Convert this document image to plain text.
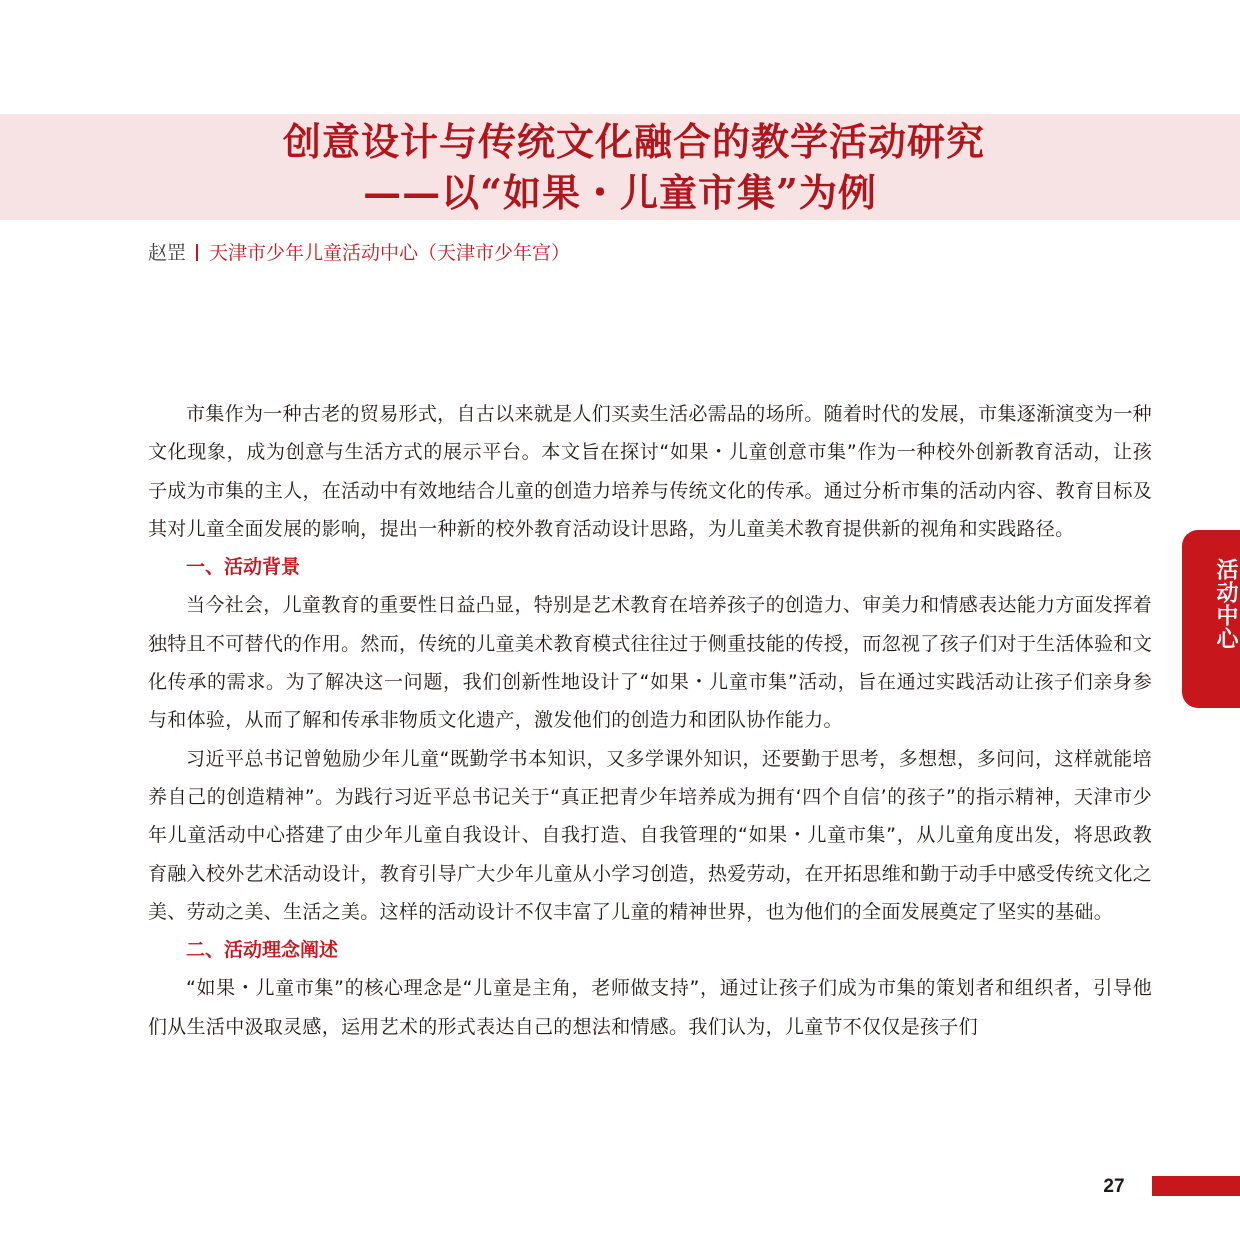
创意设计与传统文化融合的教学活动研究
——以“如果・儿童市集”为例
赵罡 天津市少年儿童活动中心（天津市少年宫）

市集作为一种古老的贸易形式，自古以来就是人们买卖生活必需品的场所。随着时代的发展，市集逐渐演变为一种文化现象，成为创意与生活方式的展示平台。本文旨在探讨“如果・儿童创意市集”作为一种校外创新教育活动，让孩子成为市集的主人，在活动中有效地结合儿童的创造力培养与传统文化的传承。通过分析市集的活动内容、教育目标及其对儿童全面发展的影响，提出一种新的校外教育活动设计思路，为儿童美术教育提供新的视角和实践路径。

一、活动背景

当今社会，儿童教育的重要性日益凸显，特别是艺术教育在培养孩子的创造力、审美力和情感表达能力方面发挥着独特且不可替代的作用。然而，传统的儿童美术教育模式往往过于侧重技能的传授，而忽视了孩子们对于生活体验和文化传承的需求。为了解决这一问题，我们创新性地设计了“如果・儿童市集”活动，旨在通过实践活动让孩子们亲身参与和体验，从而了解和传承非物质文化遗产，激发他们的创造力和团队协作能力。

习近平总书记曾勉励少年儿童“既勤学书本知识，又多学课外知识，还要勤于思考，多想想，多问问，这样就能培养自己的创造精神”。为践行习近平总书记关于“真正把青少年培养成为拥有‘四个自信’的孩子”的指示精神，天津市少年儿童活动中心搭建了由少年儿童自我设计、自我打造、自我管理的“如果・儿童市集”，从儿童角度出发，将思政教育融入校外艺术活动设计，教育引导广大少年儿童从小学习创造，热爱劳动，在开拓思维和勤于动手中感受传统文化之美、劳动之美、生活之美。这样的活动设计不仅丰富了儿童的精神世界，也为他们的全面发展奠定了坚实的基础。

二、活动理念阐述

“如果・儿童市集”的核心理念是“儿童是主角，老师做支持”，通过让孩子们成为市集的策划者和组织者，引导他们从生活中汲取灵感，运用艺术的形式表达自己的想法和情感。我们认为，儿童节不仅仅是孩子们

活动中心
27
